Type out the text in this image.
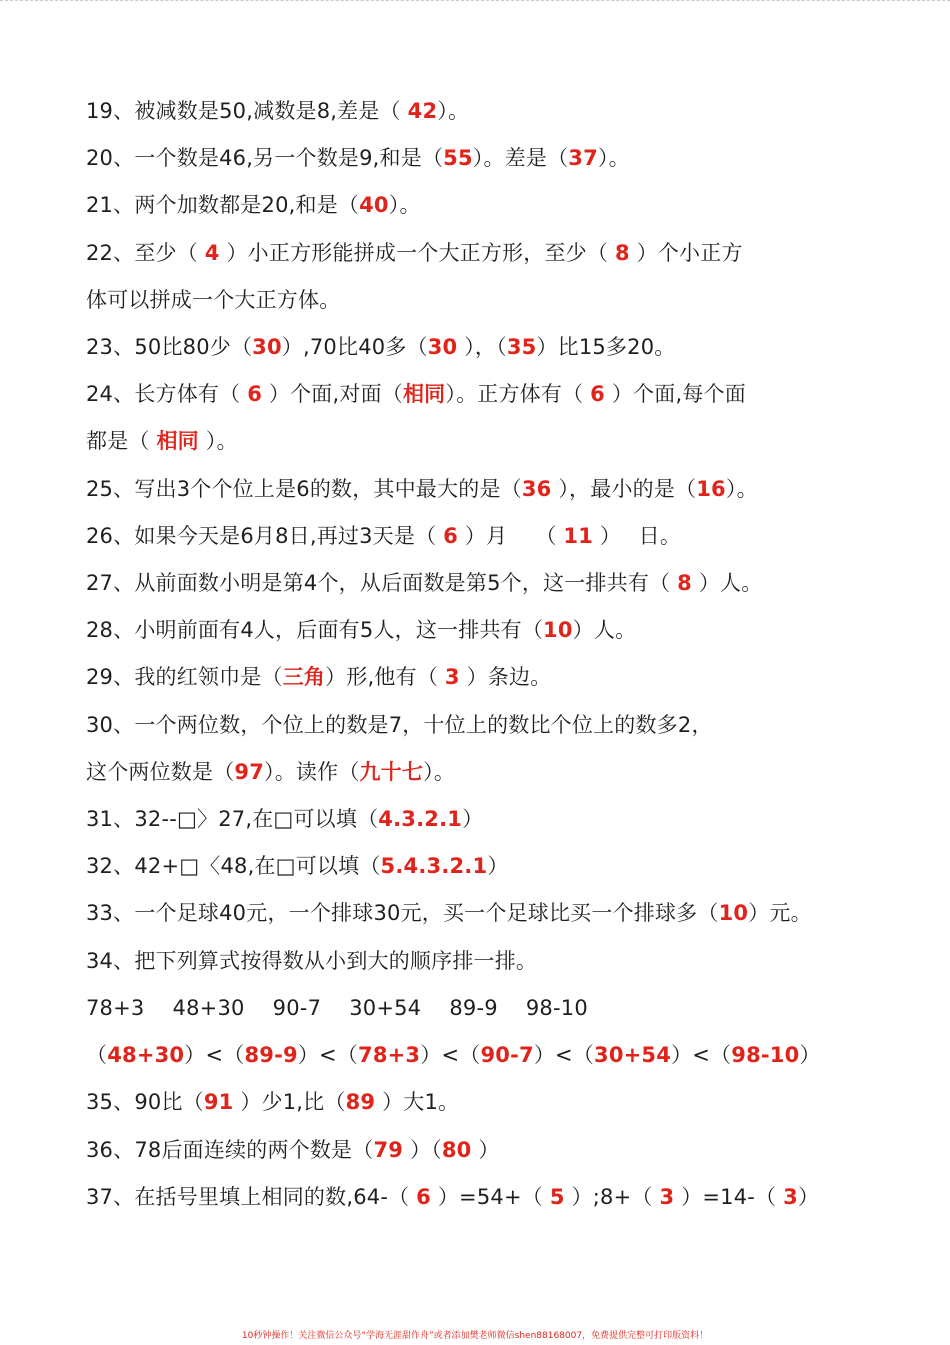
19、被减数是50,减数是8,差是（ 42）。
20、一个数是46,另一个数是9,和是（55）。差是（37）。
21、两个加数都是20,和是（40）。
22、至少（ 4 ）小正方形能拼成一个大正方形，至少（ 8 ）个小正方
体可以拼成一个大正方体。
23、50比80少（30）,70比40多（30 ），（35）比15多20。
24、长方体有（ 6 ）个面,对面（相同）。正方体有（ 6 ）个面,每个面
都是（ 相同 ）。
25、写出3个个位上是6的数，其中最大的是（36 ），最小的是（16）。
26、如果今天是6月8日,再过3天是（ 6 ）月　 （ 11 ）　 日。
27、从前面数小明是第4个，从后面数是第5个，这一排共有（ 8 ）人。
28、小明前面有4人，后面有5人，这一排共有（10）人。
29、我的红领巾是（三角）形,他有（ 3 ）条边。
30、一个两位数，个位上的数是7，十位上的数比个位上的数多2，
这个两位数是（97）。读作（九十七）。
31、32--□〉27,在□可以填（4.3.2.1）
32、42+□〈48,在□可以填（5.4.3.2.1）
33、一个足球40元，一个排球30元，买一个足球比买一个排球多（10）元。
34、把下列算式按得数从小到大的顺序排一排。
78+3　 48+30　 90-7　 30+54　 89-9　 98-10
（48+30）<（89-9）<（78+3）<（90-7）<（30+54）<（98-10）
35、90比（91 ）少1,比（89 ）大1。
36、78后面连续的两个数是（79 ）（80 ）
37、在括号里填上相同的数,64-（ 6 ）=54+（ 5 ）;8+（ 3 ）=14-（ 3）
10秒钟操作！关注微信公众号“学海无涯甜作舟”或者添加樊老师微信shen88168007，免费提供完整可打印版资料！
